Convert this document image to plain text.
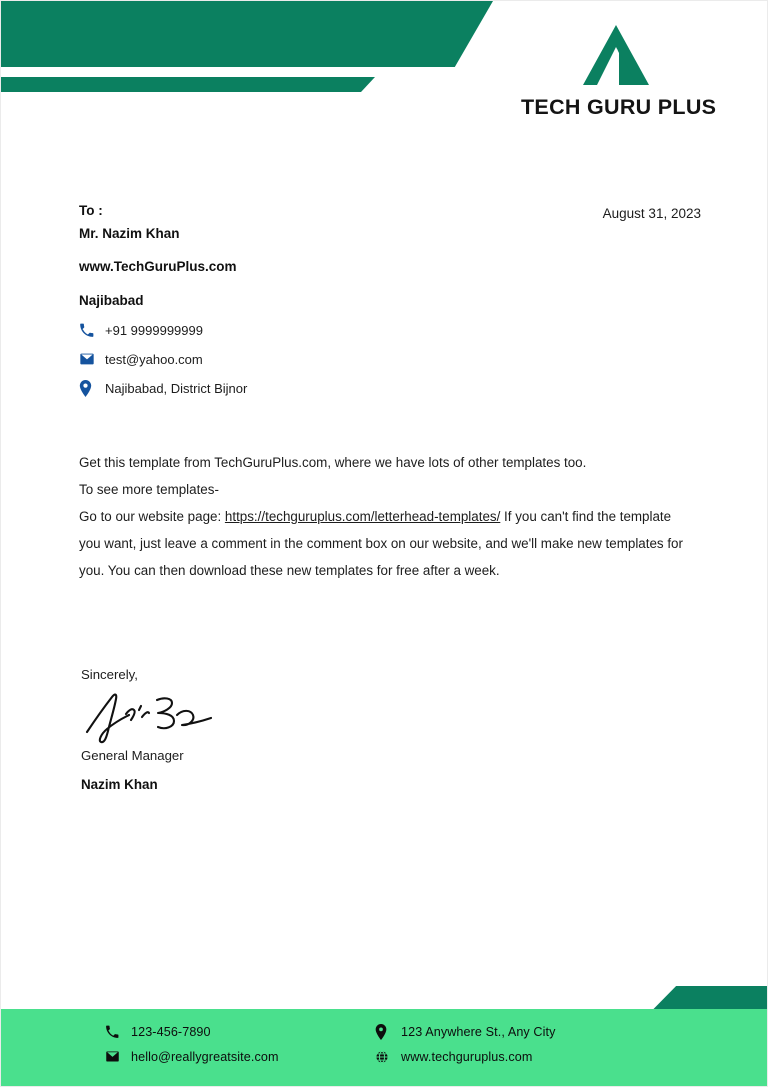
TECH GURU PLUS
August 31, 2023
To :
Mr. Nazim Khan
www.TechGuruPlus.com
Najibabad
+91 9999999999
test@yahoo.com
Najibabad, District Bijnor

Get this template from TechGuruPlus.com, where we have lots of other templates too.

To see more templates-

Go to our website page: https://techguruplus.com/letterhead-templates/ If you can't find the template you want, just leave a comment in the comment box on our website, and we'll make new templates for you. You can then download these new templates for free after a week.

Sincerely,
General Manager
Nazim Khan
123-456-7890
hello@reallygreatsite.com
123 Anywhere St., Any City
www.techguruplus.com
